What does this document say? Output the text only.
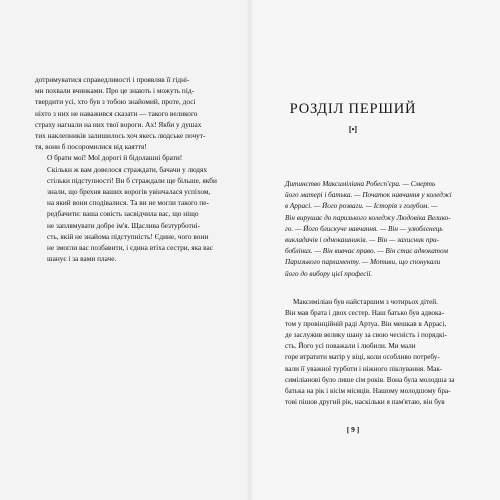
дотримуватися справедливості і проявляв її гідні-
ми похвали вчинками. Про це знають і можуть під-
твердити усі, хто був з тобою знайомий, проте, досі
ніхто з них не наважився сказати — такого великого
страху нагнали на них твої вороги. Ах! Якби у душах
тих наклепників залишилось хоч якесь людське почут-
тя, вони б посоромилися від каяття!

О брати мої! Мої дорогі й бідолашні брати!
Скільки ж вам довелося страждати, бачачи у людях
стільки підступності! Ви б страждали ще більше, якби
знали, що брехня ваших ворогів увінчалася успіхом,
на який вони сподівалися. Та ви не могли такого пе-
редбачити: ваша совість засвідчила вас, що ніщо
не заплямувати добре ім'я. Щаслива безтурботні-
сть, якій не знайома підступність! Єдине, чого вони
не змогли вас позбавити, і єдина втіха сестри, яка вас
шанує і за вами плаче.

РОЗДІЛ ПЕРШИЙ
[•]
Дитинство Максиміліана Робесп'єра. — Смерть
його матері і батька. — Початок навчання у коледжі
в Аррасі. — Його розваги. — Історія з голубом. —
Він вирушає до паризького коледжу Людовіка Велико-
го. — Його блискуче навчання. — Він — улюбленець
викладачів і однокашників. — Він — захисник при-
бобліних. — Він вивчає право. — Він стає адвокатом
Паризького парламенту. — Мотиви, що спонукали
його до вибору цієї професії.
Максиміліан був найстаршим з чотирьох дітей.
Він мав брата і двох сестер. Наш батько був адвока-
том у провінційній раді Артуа. Він мешкав в Аррасі,
де заслужив велику шану за свою чесність і порядкі-
сть. Його усі поважали і любили. Ми мали
горе втратити матір у віці, коли особливо потребу-
вали її уважної турботи і ніжного піклування. Мак-
симіліанові було лише сім років. Вона була молодша за
батька на рік і вісім місяців. Нашому молодшому бра-
тові пішов другий рік, наскільки я пам'ятаю, він був
[ 9 ]
